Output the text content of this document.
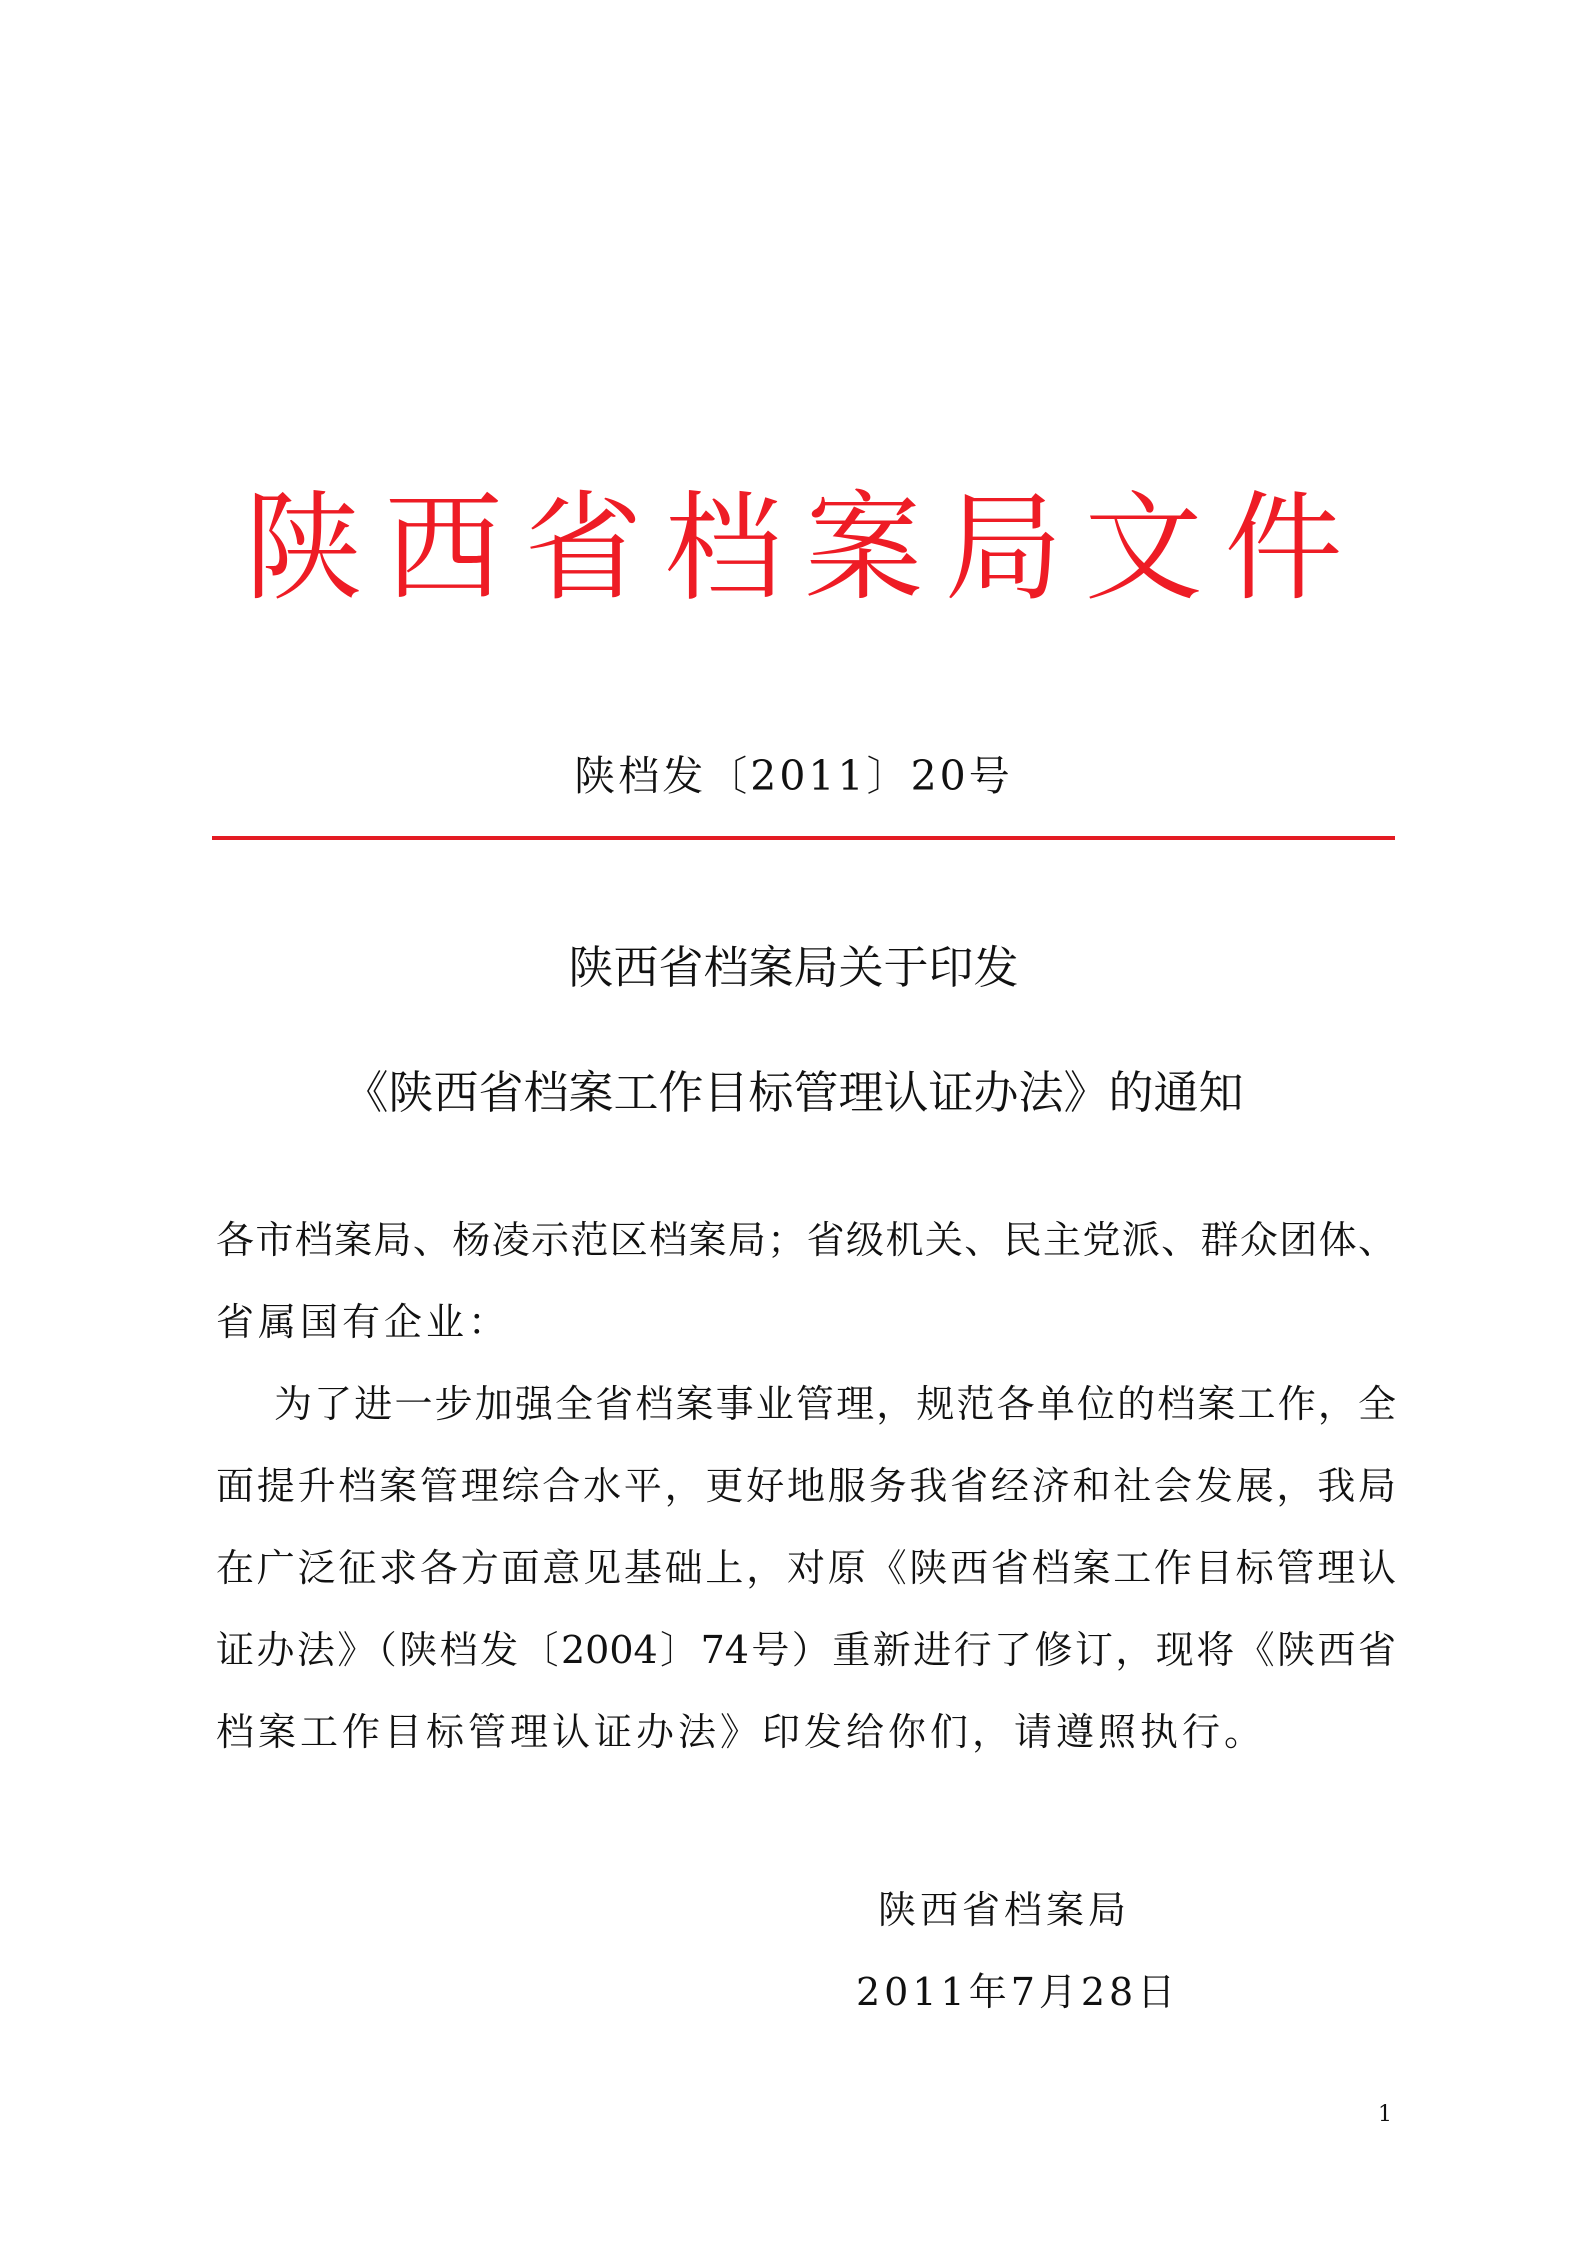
陕西省档案局文件
陕档发〔2011〕20号
陕西省档案局关于印发
《陕西省档案工作目标管理认证办法》的通知
各市档案局、杨凌示范区档案局；省级机关、民主党派、群众团体、
省属国有企业：
为了进一步加强全省档案事业管理，规范各单位的档案工作，全
面提升档案管理综合水平，更好地服务我省经济和社会发展，我局
在广泛征求各方面意见基础上，对原《陕西省档案工作目标管理认
证办法》（陕档发〔2004〕74号）重新进行了修订，现将《陕西省
档案工作目标管理认证办法》印发给你们，请遵照执行。
陕西省档案局
2011年7月28日
1
